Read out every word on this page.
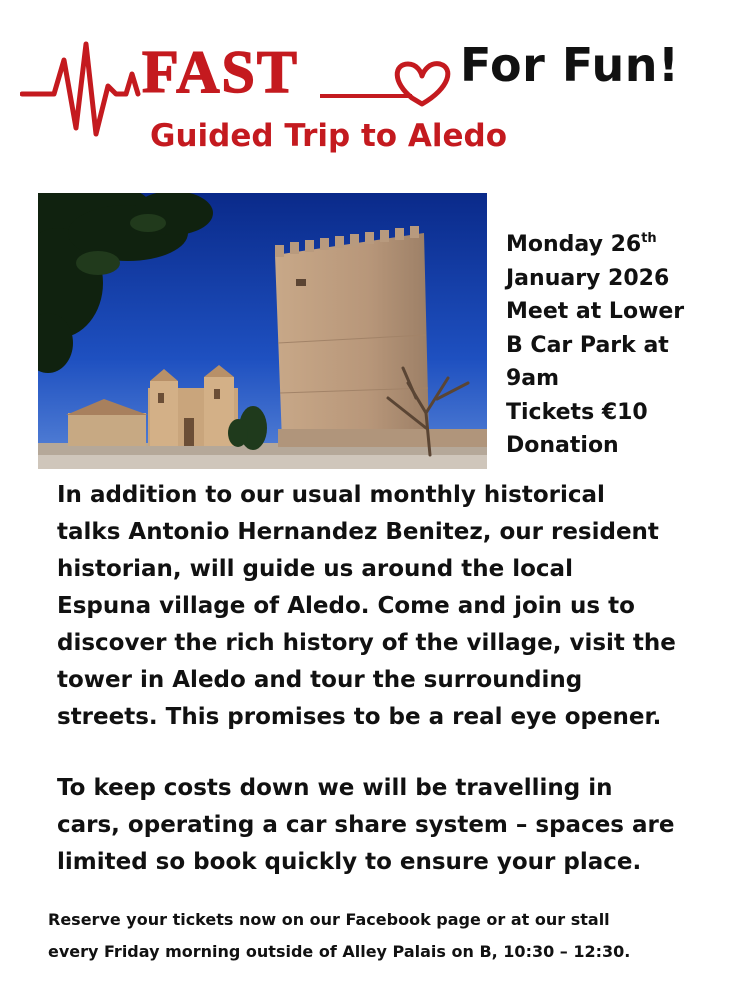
FAST	For Fun!
Guided Trip to Aledo
Monday 26th
January 2026
Meet at Lower
B Car Park at
9am
Tickets €10
Donation
In addition to our usual monthly historical
talks Antonio Hernandez Benitez, our resident
historian, will guide us around the local
Espuna village of Aledo. Come and join us to
discover the rich history of the village, visit the
tower in Aledo and tour the surrounding
streets. This promises to be a real eye opener.
To keep costs down we will be travelling in
cars, operating a car share system – spaces are
limited so book quickly to ensure your place.
Reserve your tickets now on our Facebook page or at our stall
every Friday morning outside of Alley Palais on B, 10:30 – 12:30.
